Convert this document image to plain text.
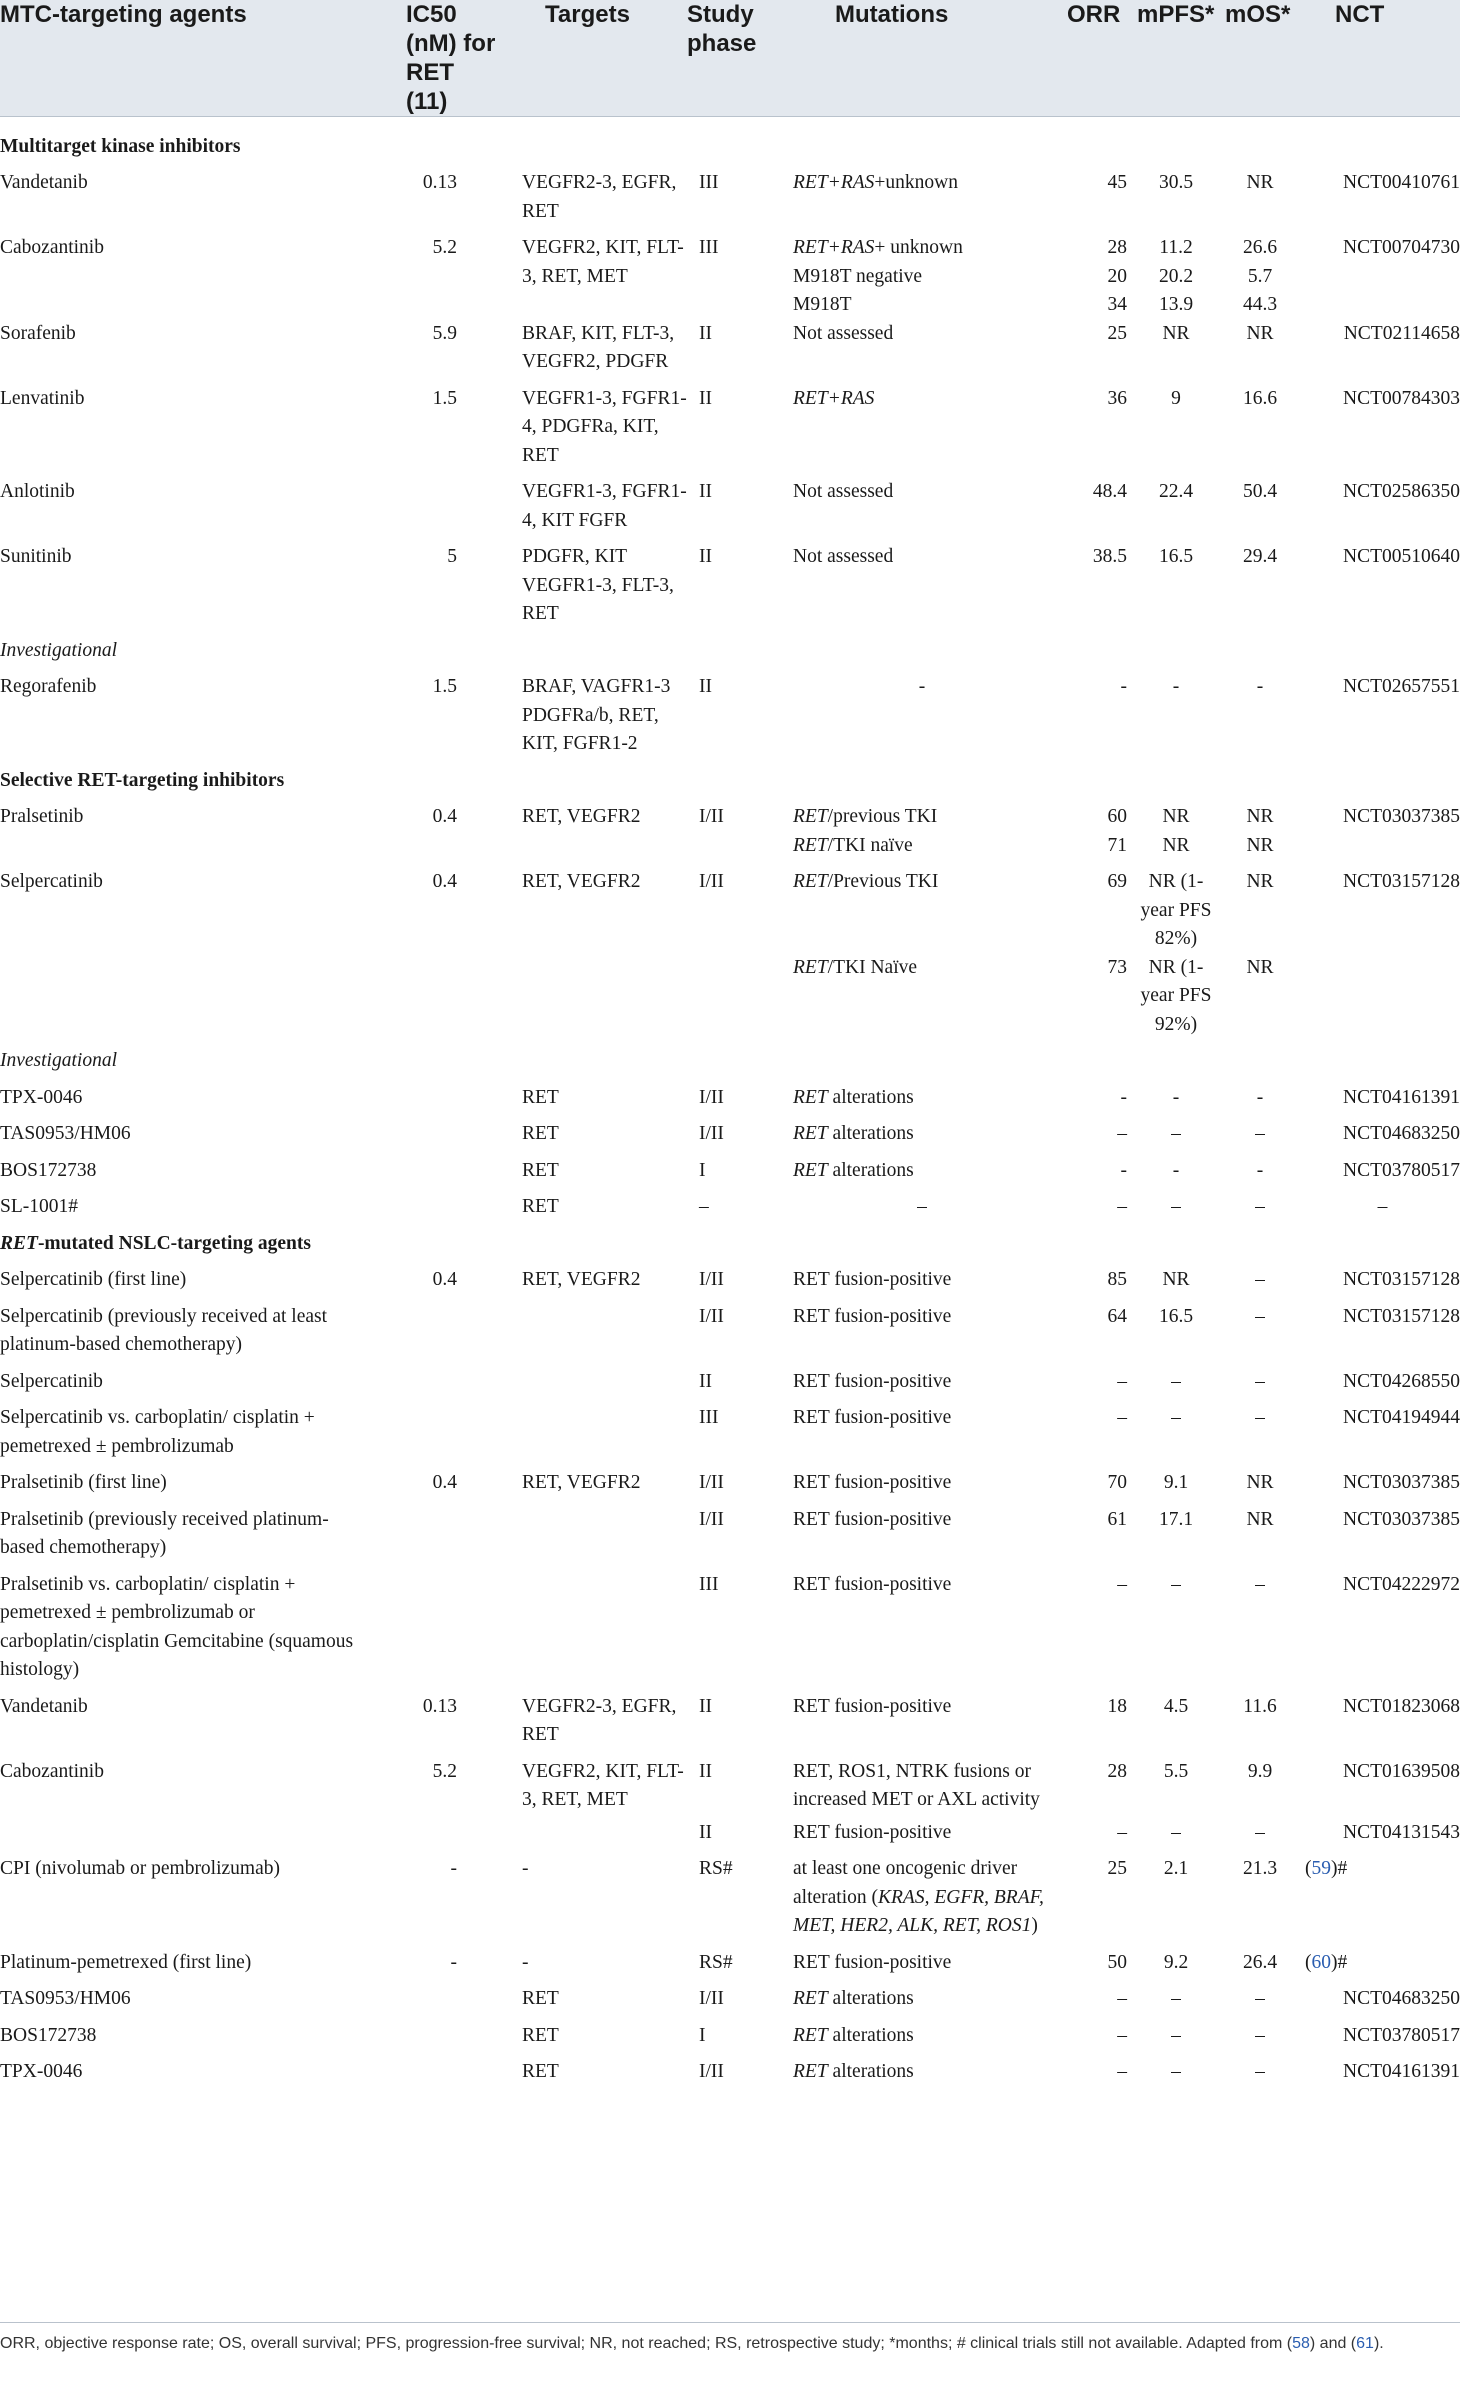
MTC-targeting agents	IC50 (nM) for RET (11)	Targets	Study phase	Mutations	ORR	mPFS*	mOS*	NCT

Multitarget kinase inhibitors								
Vandetanib	0.13	VEGFR2-3, EGFR, RET	III	RET+RAS+unknown	45	30.5	NR	NCT00410761
Cabozantinib	5.2	VEGFR2, KIT, FLT-3, RET, MET	III	RET+RAS+ unknown	28	11.2	26.6	NCT00704730
				M918T negative	20	20.2	5.7	
				M918T	34	13.9	44.3	
Sorafenib	5.9	BRAF, KIT, FLT-3, VEGFR2, PDGFR	II	Not assessed	25	NR	NR	NCT02114658
Lenvatinib	1.5	VEGFR1-3, FGFR1-4, PDGFRa, KIT, RET	II	RET+RAS	36	9	16.6	NCT00784303
Anlotinib		VEGFR1-3, FGFR1-4, KIT FGFR	II	Not assessed	48.4	22.4	50.4	NCT02586350
Sunitinib	5	PDGFR, KIT VEGFR1-3, FLT-3, RET	II	Not assessed	38.5	16.5	29.4	NCT00510640
Investigational								
Regorafenib	1.5	BRAF, VAGFR1-3 PDGFRa/b, RET, KIT, FGFR1-2	II	-	-	-	-	NCT02657551
Selective RET-targeting inhibitors								
Pralsetinib	0.4	RET, VEGFR2	I/II	RET/previous TKI	60	NR	NR	NCT03037385
				RET/TKI naïve	71	NR	NR	
Selpercatinib	0.4	RET, VEGFR2	I/II	RET/Previous TKI	69	NR (1-year PFS 82%)	NR	NCT03157128
				RET/TKI Naïve	73	NR (1-year PFS 92%)	NR	
Investigational								
TPX-0046		RET	I/II	RET alterations	-	-	-	NCT04161391
TAS0953/HM06		RET	I/II	RET alterations	–	–	–	NCT04683250
BOS172738		RET	I	RET alterations	-	-	-	NCT03780517
SL-1001#		RET	–	–	–	–	–	–
RET-mutated NSLC-targeting agents								
Selpercatinib (first line)	0.4	RET, VEGFR2	I/II	RET fusion-positive	85	NR	–	NCT03157128
Selpercatinib (previously received at least platinum-based chemotherapy)			I/II	RET fusion-positive	64	16.5	–	NCT03157128
Selpercatinib			II	RET fusion-positive	–	–	–	NCT04268550
Selpercatinib vs. carboplatin/ cisplatin + pemetrexed ± pembrolizumab			III	RET fusion-positive	–	–	–	NCT04194944
Pralsetinib (first line)	0.4	RET, VEGFR2	I/II	RET fusion-positive	70	9.1	NR	NCT03037385
Pralsetinib (previously received platinum-based chemotherapy)			I/II	RET fusion-positive	61	17.1	NR	NCT03037385
Pralsetinib vs. carboplatin/ cisplatin + pemetrexed ± pembrolizumab or carboplatin/cisplatin Gemcitabine (squamous histology)			III	RET fusion-positive	–	–	–	NCT04222972
Vandetanib	0.13	VEGFR2-3, EGFR, RET	II	RET fusion-positive	18	4.5	11.6	NCT01823068
Cabozantinib	5.2	VEGFR2, KIT, FLT-3, RET, MET	II	RET, ROS1, NTRK fusions or increased MET or AXL activity	28	5.5	9.9	NCT01639508
			II	RET fusion-positive	–	–	–	NCT04131543
CPI (nivolumab or pembrolizumab)	-	-	RS#	at least one oncogenic driver alteration (KRAS, EGFR, BRAF, MET, HER2, ALK, RET, ROS1)	25	2.1	21.3	(59)#
Platinum-pemetrexed (first line)	-	-	RS#	RET fusion-positive	50	9.2	26.4	(60)#
TAS0953/HM06		RET	I/II	RET alterations	–	–	–	NCT04683250
BOS172738		RET	I	RET alterations	–	–	–	NCT03780517
TPX-0046		RET	I/II	RET alterations	–	–	–	NCT04161391
ORR, objective response rate; OS, overall survival; PFS, progression-free survival; NR, not reached; RS, retrospective study; *months; # clinical trials still not available. Adapted from (58) and (61).
